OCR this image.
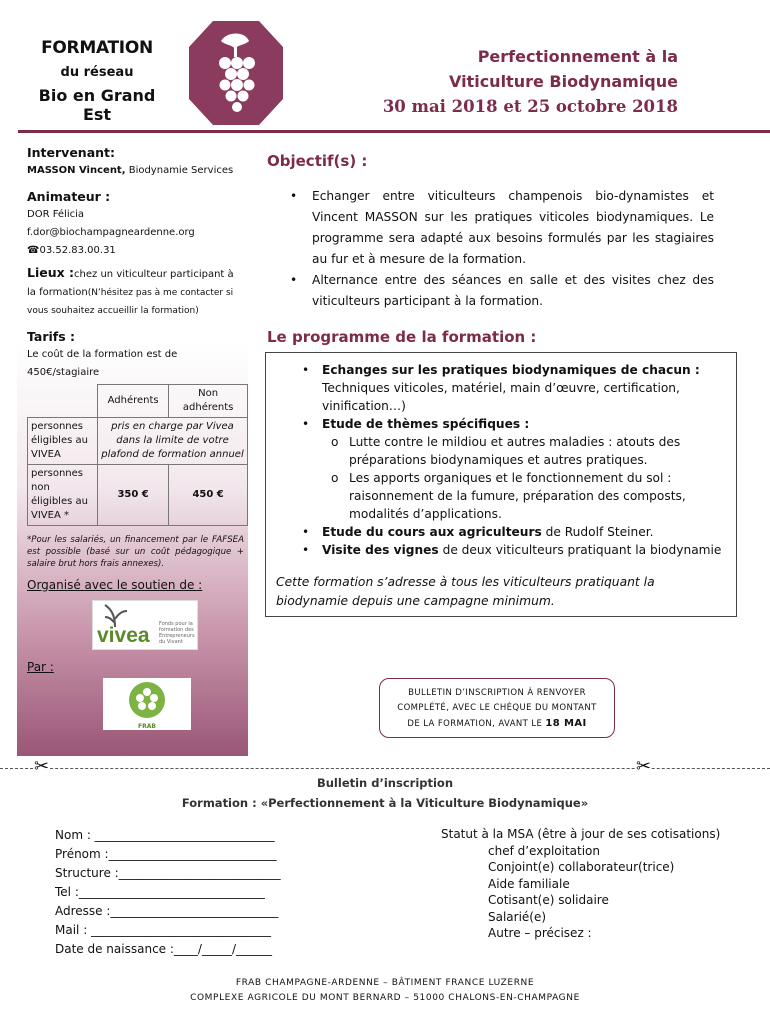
FORMATION
du réseau
Bio en Grand Est
Perfectionnement à la
Viticulture Biodynamique
30 mai 2018 et 25 octobre 2018
Intervenant:
MASSON Vincent, Biodynamie Services
Animateur :
DOR Félicia
f.dor@biochampagneardenne.org
☎03.52.83.00.31
Lieux :chez un viticulteur participant à la formation(N’hésitez pas à me contacter si vous souhaitez accueillir la formation)
Tarifs :
Le coût de la formation est de 450€/stagiaire
	Adhérents	Non adhérents
personnes éligibles au VIVEA	pris en charge par Vivea dans la limite de votre plafond de formation annuel	
personnes non éligibles au VIVEA *	350 €	450 €
*Pour les salariés, un financement par le FAFSEA est possible (basé sur un coût pédagogique + salaire brut hors frais annexes).
Organisé avec le soutien de :
vivea Fonds pour la formation des Entrepreneurs du Vivant
Par :
FRAB
Objectif(s) :
• Echanger entre viticulteurs champenois bio-dynamistes et Vincent MASSON sur les pratiques viticoles biodynamiques. Le programme sera adapté aux besoins formulés par les stagiaires au fur et à mesure de la formation.
• Alternance entre des séances en salle et des visites chez des viticulteurs participant à la formation.
Le programme de la formation :
• Echanges sur les pratiques biodynamiques de chacun :
Techniques viticoles, matériel, main d’œuvre, certification, vinification…)
• Etude de thèmes spécifiques :
o Lutte contre le mildiou et autres maladies : atouts des préparations biodynamiques et autres pratiques.
o Les apports organiques et le fonctionnement du sol : raisonnement de la fumure, préparation des composts, modalités d’applications.
• Etude du cours aux agriculteurs de Rudolf Steiner.
• Visite des vignes de deux viticulteurs pratiquant la biodynamie
Cette formation s’adresse à tous les viticulteurs pratiquant la biodynamie depuis une campagne minimum.
BULLETIN D’INSCRIPTION À RENVOYER
COMPLÉTÉ, AVEC LE CHÈQUE DU MONTANT
DE LA FORMATION, AVANT LE 18 MAI
✂	✂
Bulletin d’inscription
Formation : «Perfectionnement à la Viticulture Biodynamique»
Nom : ______________________________
Prénom :____________________________
Structure :___________________________
Tel :_______________________________
Adresse :____________________________
Mail : ______________________________
Date de naissance :____/_____/______
Statut à la MSA (être à jour de ses cotisations)
chef d’exploitation
Conjoint(e) collaborateur(trice)
Aide familiale
Cotisant(e) solidaire
Salarié(e)
Autre – précisez :
FRAB CHAMPAGNE-ARDENNE – BÂTIMENT FRANCE LUZERNE
COMPLEXE AGRICOLE DU MONT BERNARD – 51000 CHALONS-EN-CHAMPAGNE
